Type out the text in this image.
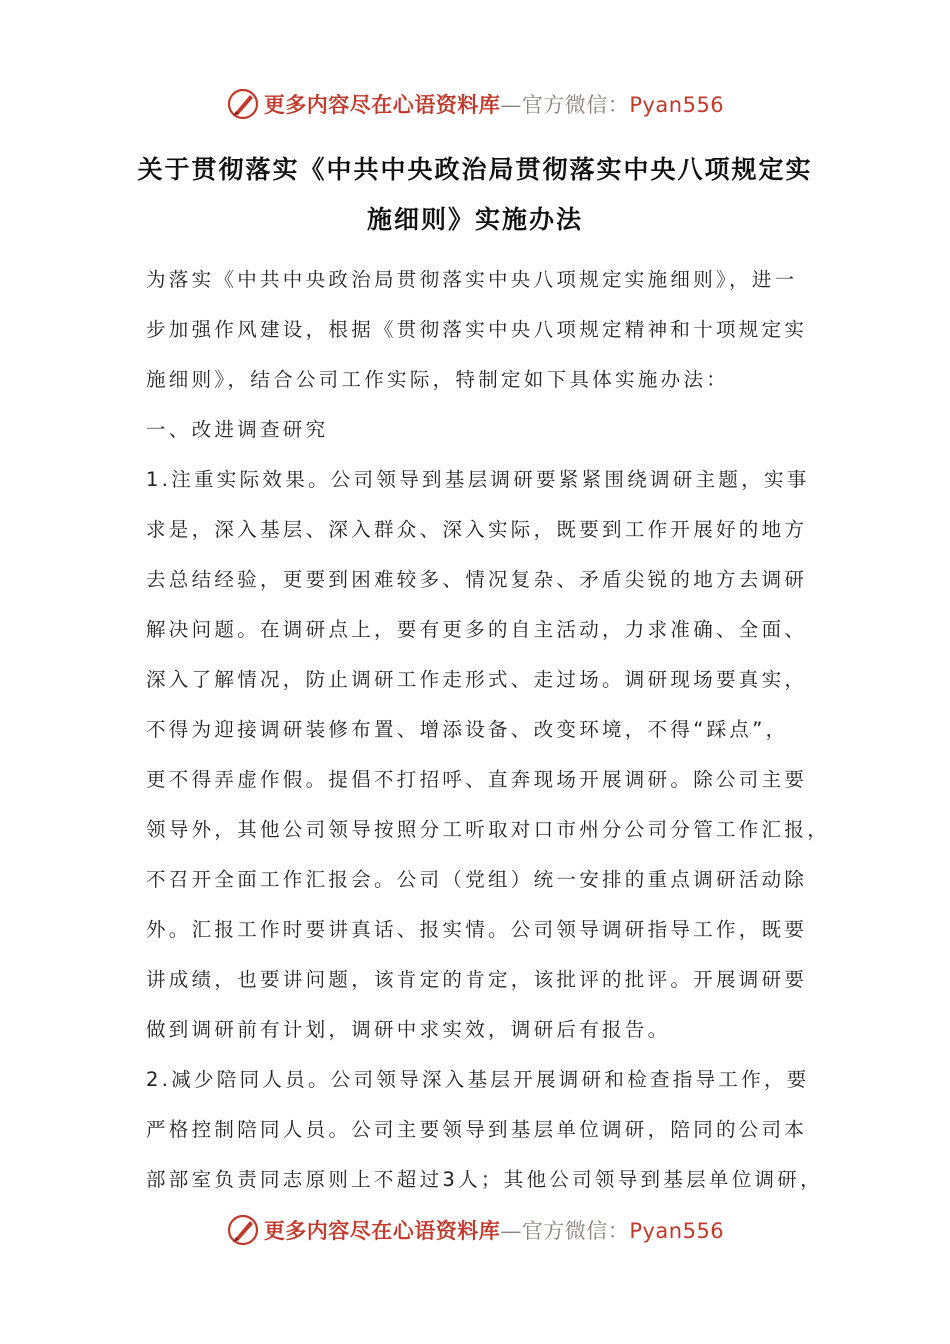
更多内容尽在心语资料库—官方微信：Pyan556
关于贯彻落实《中共中央政治局贯彻落实中央八项规定实
施细则》实施办法
为落实《中共中央政治局贯彻落实中央八项规定实施细则》，进一
步加强作风建设，根据《贯彻落实中央八项规定精神和十项规定实
施细则》，结合公司工作实际，特制定如下具体实施办法：
一、改进调查研究
1.注重实际效果。公司领导到基层调研要紧紧围绕调研主题，实事
求是，深入基层、深入群众、深入实际，既要到工作开展好的地方
去总结经验，更要到困难较多、情况复杂、矛盾尖锐的地方去调研
解决问题。在调研点上，要有更多的自主活动，力求准确、全面、
深入了解情况，防止调研工作走形式、走过场。调研现场要真实，
不得为迎接调研装修布置、增添设备、改变环境，不得“踩点”，
更不得弄虚作假。提倡不打招呼、直奔现场开展调研。除公司主要
领导外，其他公司领导按照分工听取对口市州分公司分管工作汇报，
不召开全面工作汇报会。公司（党组）统一安排的重点调研活动除
外。汇报工作时要讲真话、报实情。公司领导调研指导工作，既要
讲成绩，也要讲问题，该肯定的肯定，该批评的批评。开展调研要
做到调研前有计划，调研中求实效，调研后有报告。
2.减少陪同人员。公司领导深入基层开展调研和检查指导工作，要
严格控制陪同人员。公司主要领导到基层单位调研，陪同的公司本
部部室负责同志原则上不超过3人；其他公司领导到基层单位调研，
更多内容尽在心语资料库—官方微信：Pyan556
